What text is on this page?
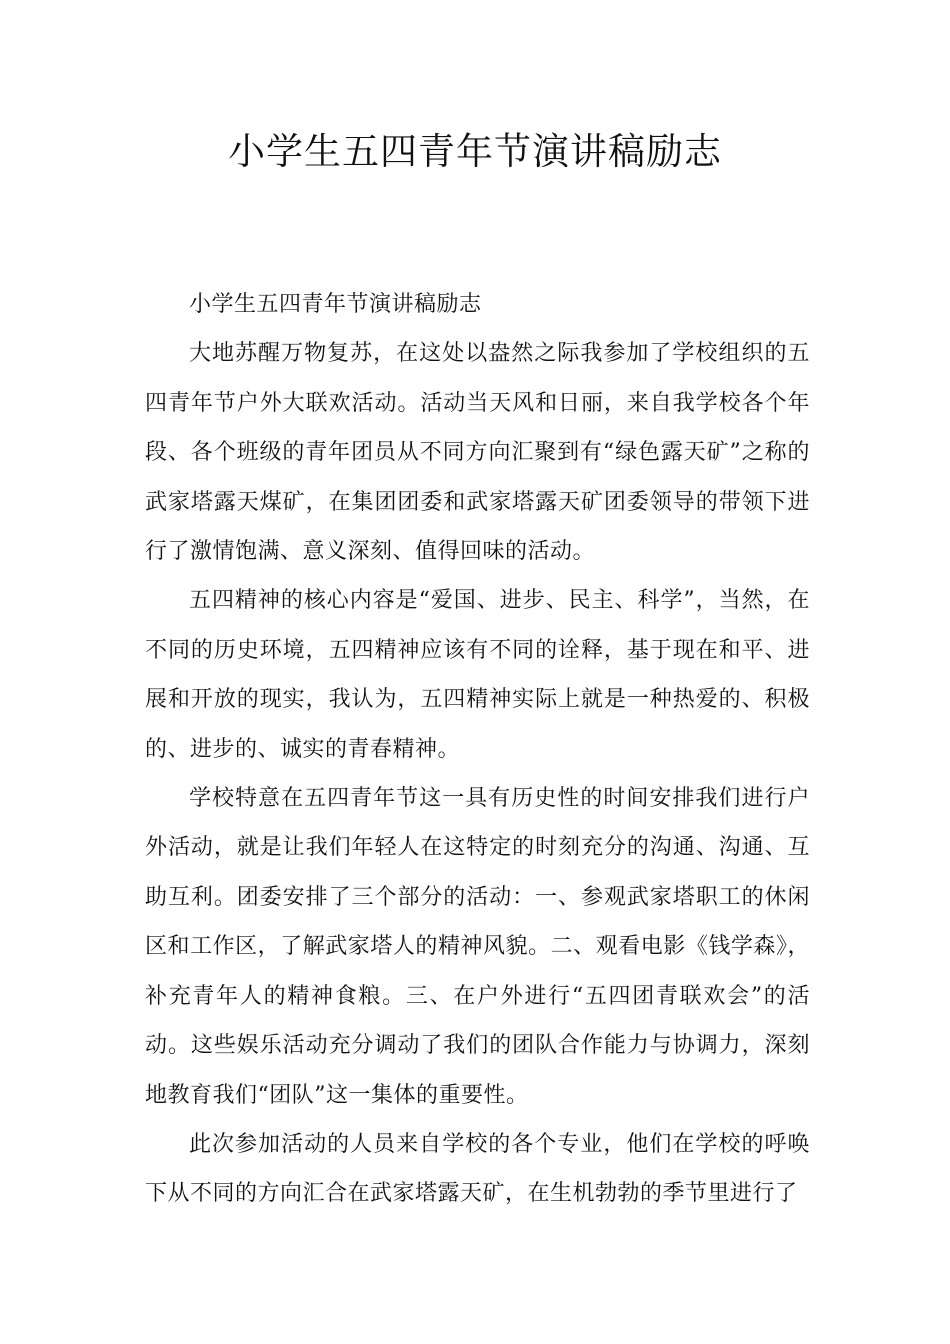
小学生五四青年节演讲稿励志

小学生五四青年节演讲稿励志

大地苏醒万物复苏，在这处以盎然之际我参加了学校组织的五四青年节户外大联欢活动。活动当天风和日丽，来自我学校各个年段、各个班级的青年团员从不同方向汇聚到有“绿色露天矿”之称的武家塔露天煤矿，在集团团委和武家塔露天矿团委领导的带领下进行了激情饱满、意义深刻、值得回味的活动。

五四精神的核心内容是“爱国、进步、民主、科学”，当然，在不同的历史环境，五四精神应该有不同的诠释，基于现在和平、进展和开放的现实，我认为，五四精神实际上就是一种热爱的、积极的、进步的、诚实的青春精神。

学校特意在五四青年节这一具有历史性的时间安排我们进行户外活动，就是让我们年轻人在这特定的时刻充分的沟通、沟通、互助互利。团委安排了三个部分的活动：一、参观武家塔职工的休闲区和工作区，了解武家塔人的精神风貌。二、观看电影《钱学森》，补充青年人的精神食粮。三、在户外进行“五四团青联欢会”的活动。这些娱乐活动充分调动了我们的团队合作能力与协调力，深刻地教育我们“团队”这一集体的重要性。

此次参加活动的人员来自学校的各个专业，他们在学校的呼唤下从不同的方向汇合在武家塔露天矿，在生机勃勃的季节里进行了
